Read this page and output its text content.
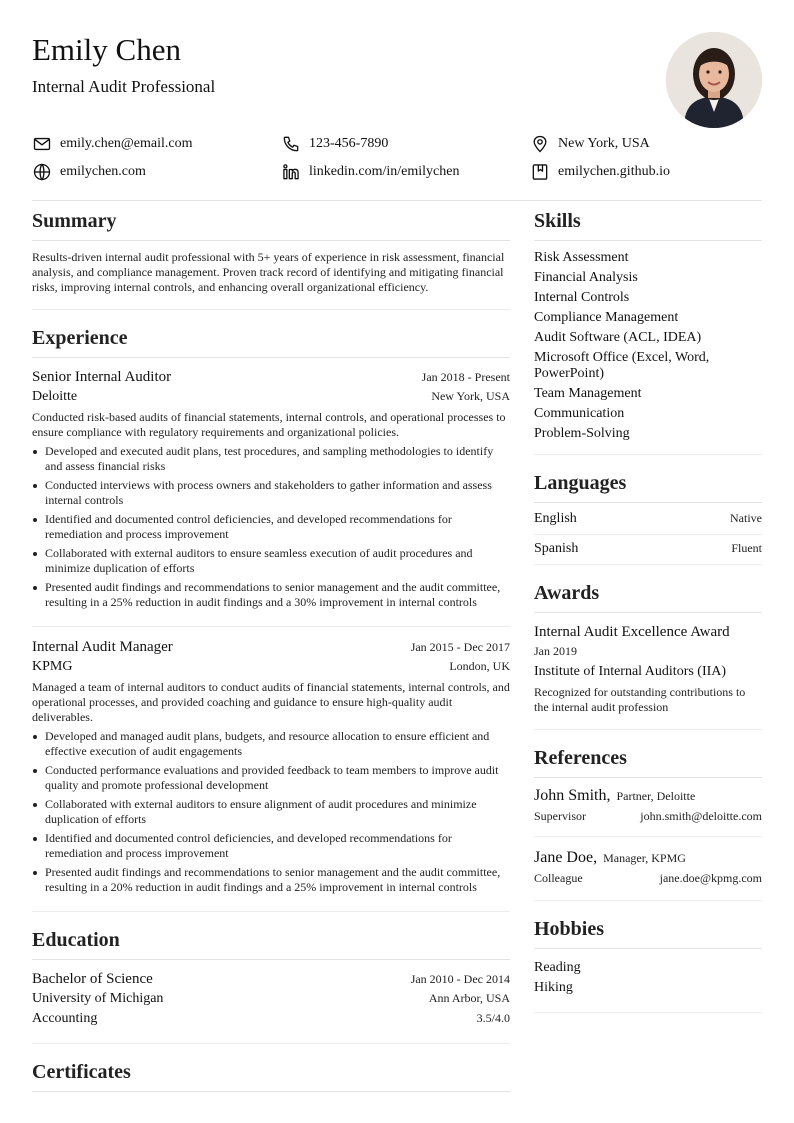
Emily Chen
Internal Audit Professional
emily.chen@email.com	123-456-7890	New York, USA
emilychen.com	linkedin.com/in/emilychen	emilychen.github.io
Summary

Results-driven internal audit professional with 5+ years of experience in risk assessment, financial analysis, and compliance management. Proven track record of identifying and mitigating financial risks, improving internal controls, and enhancing overall organizational efficiency.

Experience
Senior Internal Auditor	Jan 2018 - Present
Deloitte	New York, USA

Conducted risk-based audits of financial statements, internal controls, and operational processes to ensure compliance with regulatory requirements and organizational policies.

Developed and executed audit plans, test procedures, and sampling methodologies to identify and assess financial risks
Conducted interviews with process owners and stakeholders to gather information and assess internal controls
Identified and documented control deficiencies, and developed recommendations for remediation and process improvement
Collaborated with external auditors to ensure seamless execution of audit procedures and minimize duplication of efforts
Presented audit findings and recommendations to senior management and the audit committee, resulting in a 25% reduction in audit findings and a 30% improvement in internal controls
Internal Audit Manager	Jan 2015 - Dec 2017
KPMG	London, UK

Managed a team of internal auditors to conduct audits of financial statements, internal controls, and operational processes, and provided coaching and guidance to ensure high-quality audit deliverables.

Developed and managed audit plans, budgets, and resource allocation to ensure efficient and effective execution of audit engagements
Conducted performance evaluations and provided feedback to team members to improve audit quality and promote professional development
Collaborated with external auditors to ensure alignment of audit procedures and minimize duplication of efforts
Identified and documented control deficiencies, and developed recommendations for remediation and process improvement
Presented audit findings and recommendations to senior management and the audit committee, resulting in a 20% reduction in audit findings and a 25% improvement in internal controls
Education
Bachelor of Science	Jan 2010 - Dec 2014
University of Michigan	Ann Arbor, USA
Accounting	3.5/4.0
Certificates
Skills
Risk Assessment
Financial Analysis
Internal Controls
Compliance Management
Audit Software (ACL, IDEA)
Microsoft Office (Excel, Word, PowerPoint)
Team Management
Communication
Problem-Solving
Languages
English	Native
Spanish	Fluent
Awards
Internal Audit Excellence Award
Jan 2019
Institute of Internal Auditors (IIA)

Recognized for outstanding contributions to the internal audit profession

References
John Smith, Partner, Deloitte
Supervisor	john.smith@deloitte.com
Jane Doe, Manager, KPMG
Colleague	jane.doe@kpmg.com
Hobbies
Reading
Hiking
